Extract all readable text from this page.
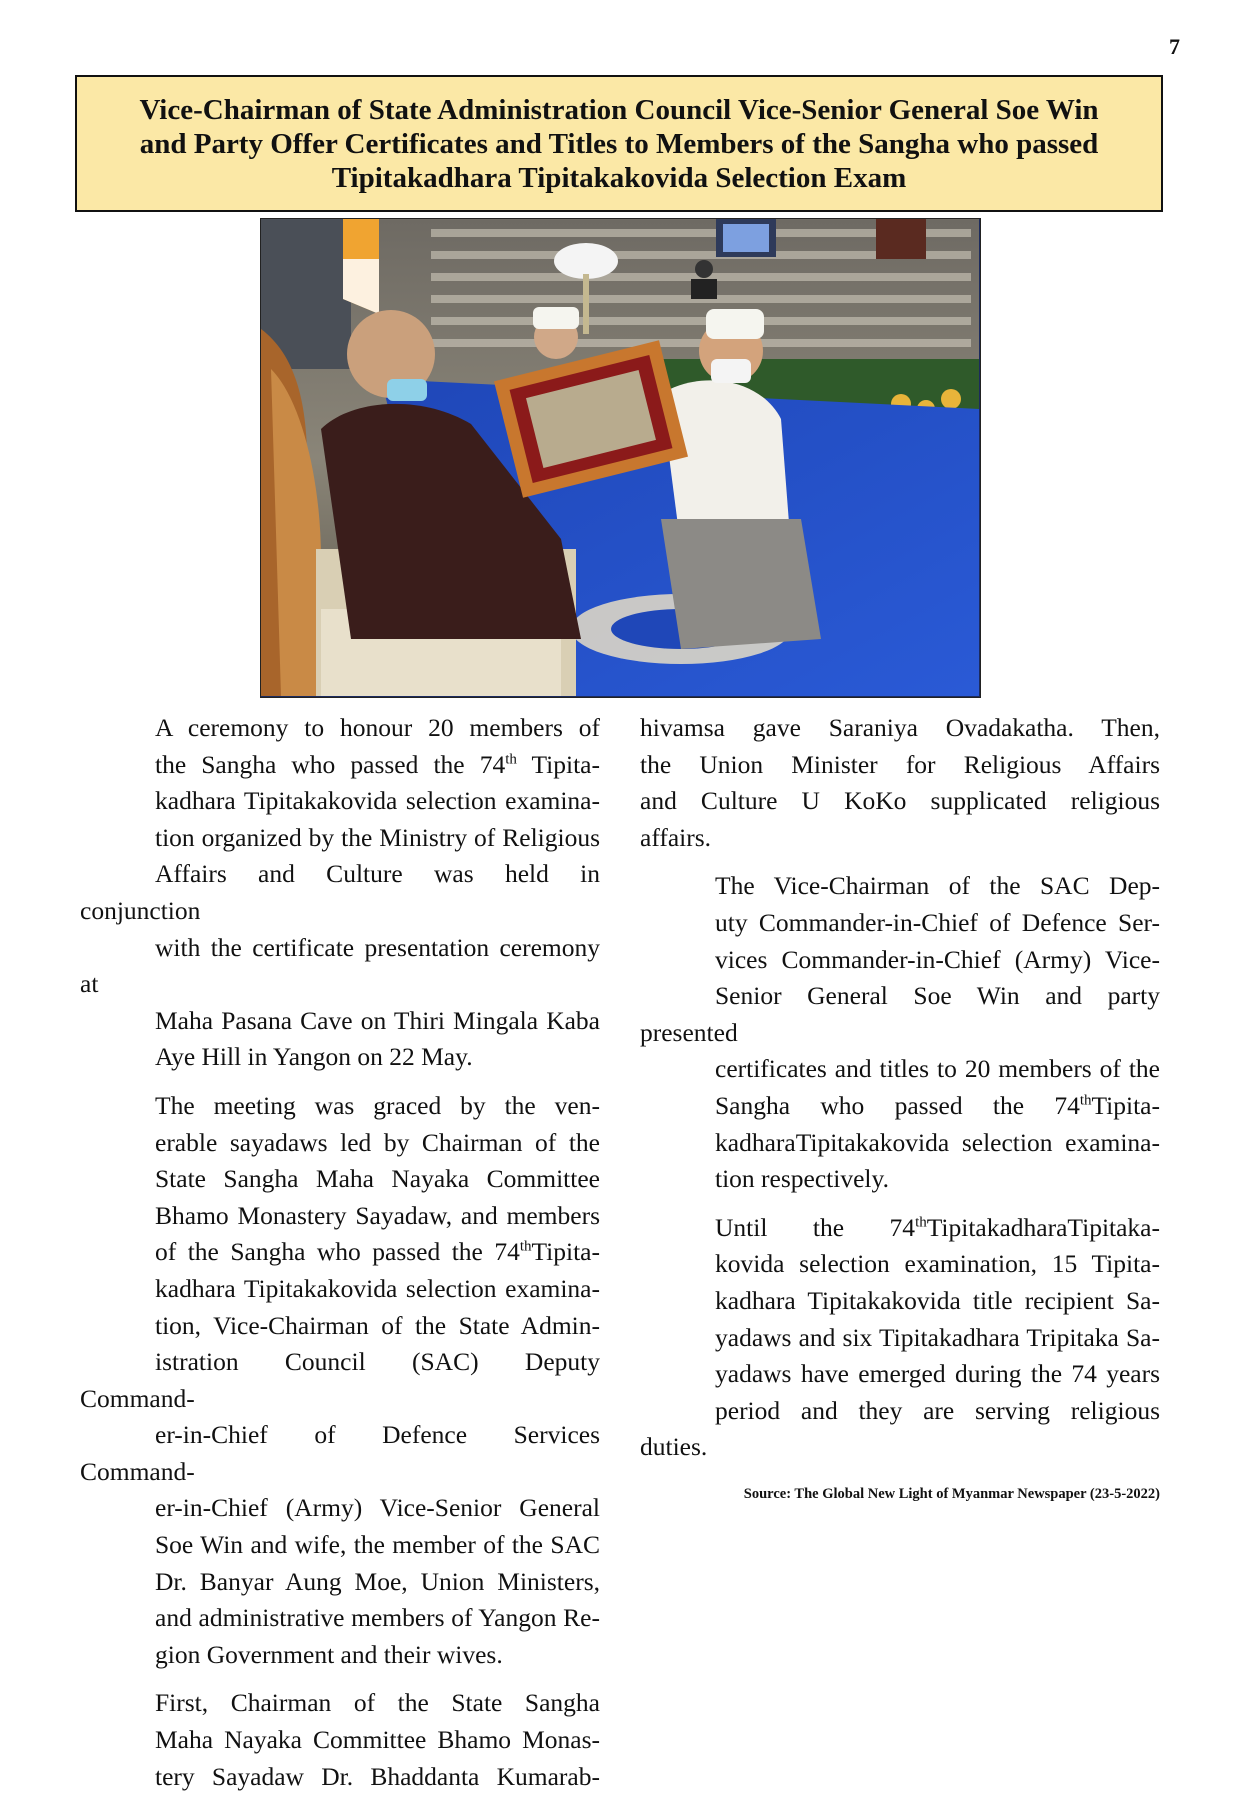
7
Vice-Chairman of State Administration Council Vice-Senior General Soe Win
and Party Offer Certificates and Titles to Members of the Sangha who passed
Tipitakadhara Tipitakakovida Selection Exam

A ceremony to honour 20 members of
the Sangha who passed the 74th Tipita-
kadhara Tipitakakovida selection examina-
tion organized by the Ministry of Religious
Affairs and Culture was held in conjunction
with the certificate presentation ceremony at
Maha Pasana Cave on Thiri Mingala Kaba
Aye Hill in Yangon on 22 May.

The meeting was graced by the ven-
erable sayadaws led by Chairman of the
State Sangha Maha Nayaka Committee
Bhamo Monastery Sayadaw, and members
of the Sangha who passed the 74thTipita-
kadhara Tipitakakovida selection examina-
tion, Vice-Chairman of the State Admin-
istration Council (SAC) Deputy Command-
er-in-Chief of Defence Services Command-
er-in-Chief (Army) Vice-Senior General
Soe Win and wife, the member of the SAC
Dr. Banyar Aung Moe, Union Ministers,
and administrative members of Yangon Re-
gion Government and their wives.

First, Chairman of the State Sangha
Maha Nayaka Committee Bhamo Monas-
tery Sayadaw Dr. Bhaddanta Kumarab-

hivamsa gave Saraniya Ovadakatha. Then,
the Union Minister for Religious Affairs
and Culture U KoKo supplicated religious
affairs.

The Vice-Chairman of the SAC Dep-
uty Commander-in-Chief of Defence Ser-
vices Commander-in-Chief (Army) Vice-
Senior General Soe Win and party presented
certificates and titles to 20 members of the
Sangha who passed the 74thTipita-
kadharaTipitakakovida selection examina-
tion respectively.

Until the 74thTipitakadharaTipitaka-
kovida selection examination, 15 Tipita-
kadhara Tipitakakovida title recipient Sa-
yadaws and six Tipitakadhara Tripitaka Sa-
yadaws have emerged during the 74 years
period and they are serving religious duties.

Source: The Global New Light of Myanmar Newspaper (23-5-2022)
